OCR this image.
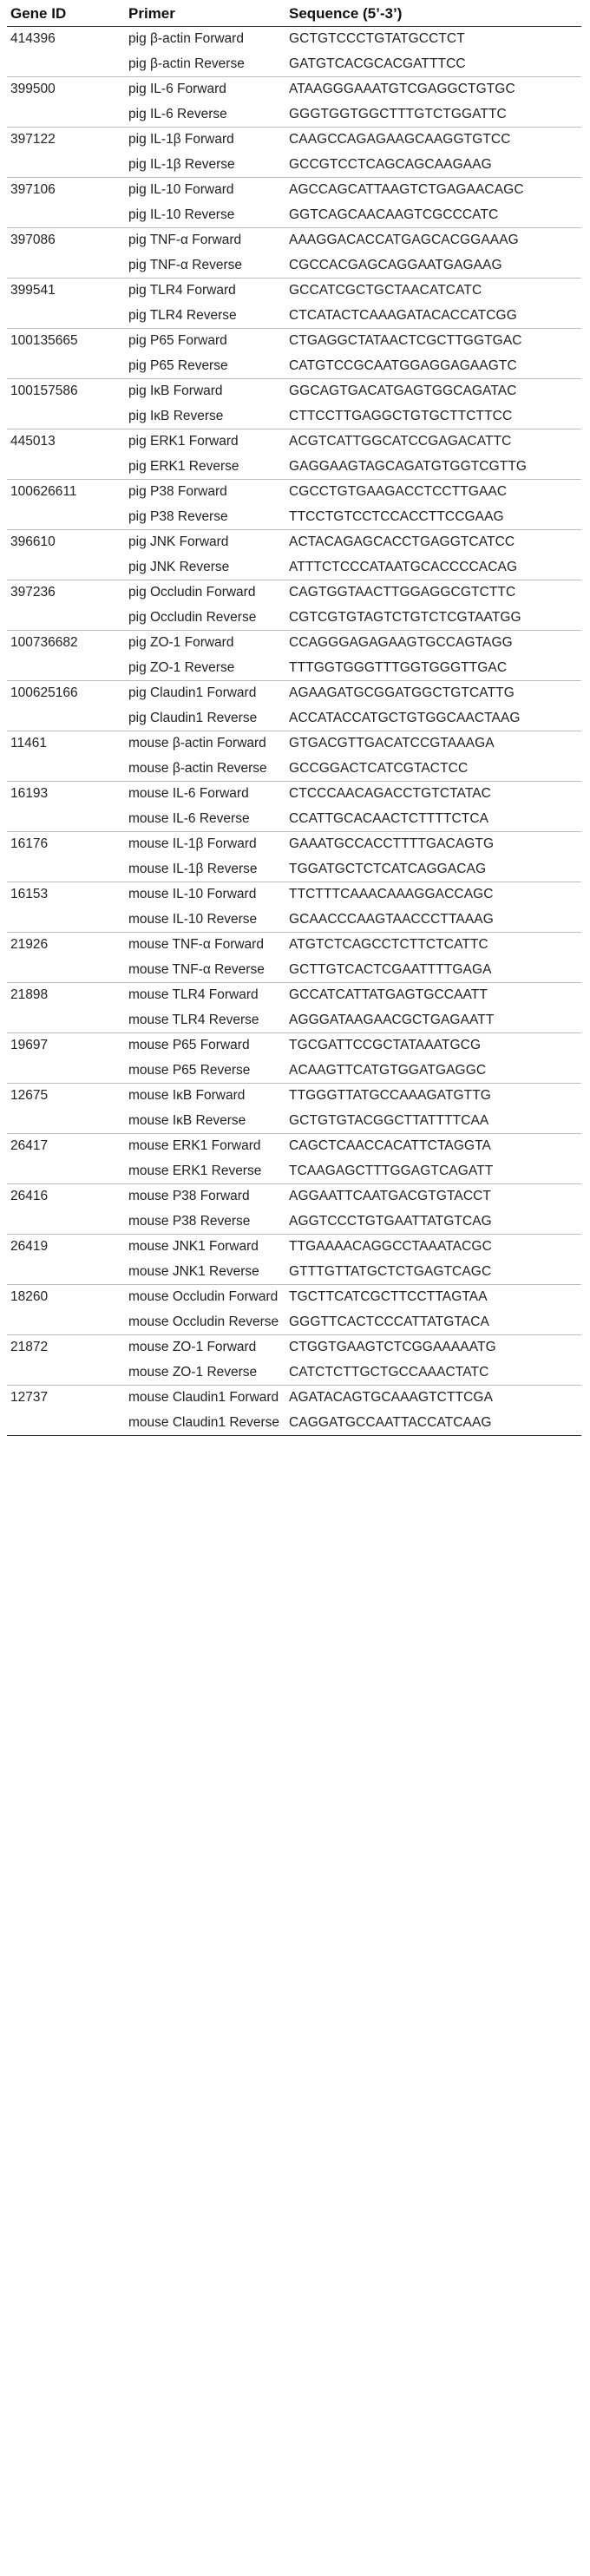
Gene ID	Primer	Sequence (5’-3’)
414396	pig β-actin Forward	GCTGTCCCTGTATGCCTCT
	pig β-actin Reverse	GATGTCACGCACGATTTCC
399500	pig IL-6 Forward	ATAAGGGAAATGTCGAGGCTGTGC
	pig IL-6 Reverse	GGGTGGTGGCTTTGTCTGGATTC
397122	pig IL-1β Forward	CAAGCCAGAGAAGCAAGGTGTCC
	pig IL-1β Reverse	GCCGTCCTCAGCAGCAAGAAG
397106	pig IL-10 Forward	AGCCAGCATTAAGTCTGAGAACAGC
	pig IL-10 Reverse	GGTCAGCAACAAGTCGCCCATC
397086	pig TNF-α Forward	AAAGGACACCATGAGCACGGAAAG
	pig TNF-α Reverse	CGCCACGAGCAGGAATGAGAAG
399541	pig TLR4 Forward	GCCATCGCTGCTAACATCATC
	pig TLR4 Reverse	CTCATACTCAAAGATACACCATCGG
100135665	pig P65 Forward	CTGAGGCTATAACTCGCTTGGTGAC
	pig P65 Reverse	CATGTCCGCAATGGAGGAGAAGTC
100157586	pig IκB Forward	GGCAGTGACATGAGTGGCAGATAC
	pig IκB Reverse	CTTCCTTGAGGCTGTGCTTCTTCC
445013	pig ERK1 Forward	ACGTCATTGGCATCCGAGACATTC
	pig ERK1 Reverse	GAGGAAGTAGCAGATGTGGTCGTTG
100626611	pig P38 Forward	CGCCTGTGAAGACCTCCTTGAAC
	pig P38 Reverse	TTCCTGTCCTCCACCTTCCGAAG
396610	pig JNK Forward	ACTACAGAGCACCTGAGGTCATCC
	pig JNK Reverse	ATTTCTCCCATAATGCACCCCACAG
397236	pig Occludin Forward	CAGTGGTAACTTGGAGGCGTCTTC
	pig Occludin Reverse	CGTCGTGTAGTCTGTCTCGTAATGG
100736682	pig ZO-1 Forward	CCAGGGAGAGAAGTGCCAGTAGG
	pig ZO-1 Reverse	TTTGGTGGGTTTGGTGGGTTGAC
100625166	pig Claudin1 Forward	AGAAGATGCGGATGGCTGTCATTG
	pig Claudin1 Reverse	ACCATACCATGCTGTGGCAACTAAG
11461	mouse β-actin Forward	GTGACGTTGACATCCGTAAAGA
	mouse β-actin Reverse	GCCGGACTCATCGTACTCC
16193	mouse IL-6 Forward	CTCCCAACAGACCTGTCTATAC
	mouse IL-6 Reverse	CCATTGCACAACTCTTTTCTCA
16176	mouse IL-1β Forward	GAAATGCCACCTTTTGACAGTG
	mouse IL-1β Reverse	TGGATGCTCTCATCAGGACAG
16153	mouse IL-10 Forward	TTCTTTCAAACAAAGGACCAGC
	mouse IL-10 Reverse	GCAACCCAAGTAACCCTTAAAG
21926	mouse TNF-α Forward	ATGTCTCAGCCTCTTCTCATTC
	mouse TNF-α Reverse	GCTTGTCACTCGAATTTTGAGA
21898	mouse TLR4 Forward	GCCATCATTATGAGTGCCAATT
	mouse TLR4 Reverse	AGGGATAAGAACGCTGAGAATT
19697	mouse P65 Forward	TGCGATTCCGCTATAAATGCG
	mouse P65 Reverse	ACAAGTTCATGTGGATGAGGC
12675	mouse IκB Forward	TTGGGTTATGCCAAAGATGTTG
	mouse IκB Reverse	GCTGTGTACGGCTTATTTTCAA
26417	mouse ERK1 Forward	CAGCTCAACCACATTCTAGGTA
	mouse ERK1 Reverse	TCAAGAGCTTTGGAGTCAGATT
26416	mouse P38 Forward	AGGAATTCAATGACGTGTACCT
	mouse P38 Reverse	AGGTCCCTGTGAATTATGTCAG
26419	mouse JNK1 Forward	TTGAAAACAGGCCTAAATACGC
	mouse JNK1 Reverse	GTTTGTTATGCTCTGAGTCAGC
18260	mouse Occludin Forward	TGCTTCATCGCTTCCTTAGTAA
	mouse Occludin Reverse	GGGTTCACTCCCATTATGTACA
21872	mouse ZO-1 Forward	CTGGTGAAGTCTCGGAAAAATG
	mouse ZO-1 Reverse	CATCTCTTGCTGCCAAACTATC
12737	mouse Claudin1 Forward	AGATACAGTGCAAAGTCTTCGA
	mouse Claudin1 Reverse	CAGGATGCCAATTACCATCAAG
